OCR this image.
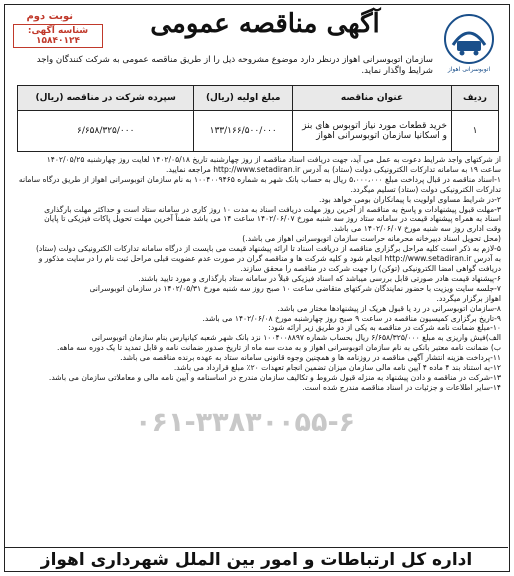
نوبت دوم
شناسه آگهی: ۱۵۸۴۰۱۲۴
آگهی مناقصه عمومی
اتوبوسرانی اهواز
سازمان اتوبوسرانی اهواز درنظر دارد موضوع مشروحه ذیل را از طریق مناقصه عمومی به شرکت کنندگان واجد شرایط واگذار نماید.
ردیف	عنوان مناقصه	مبلغ اولیه (ریال)	سپرده شرکت در مناقصه (ریال)
۱	خرید قطعات مورد نیاز اتوبوس های بنز و اسکانیا سازمان اتوبوسرانی اهواز	۱۳۳/۱۶۶/۵۰۰/۰۰۰	۶/۶۵۸/۳۲۵/۰۰۰

از شرکتهای واجد شرایط دعوت به عمل می آید، جهت دریافت اسناد مناقصه از روز چهارشنبه تاریخ ۱۴۰۲/۰۵/۱۸ لغایت روز چهارشنبه ۱۴۰۲/۰۵/۲۵

ساعت ۱۹ به سامانه تدارکات الکترونیکی دولت (ستاد) به آدرس http://www.setadiran.ir مراجعه نمایید.

۱-اسناد مناقصه در قبال پرداخت مبلغ ۵،۰۰۰،۰۰۰ ریال به حساب بانک شهر به شماره ۱۰۰۴۰۰۹۴۶۵ به نام سازمان اتوبوسرانی اهواز از طریق درگاه سامانه

تدارکات الکترونیکی دولت (ستاد) تسلیم میگردد.

۲-در شرایط مساوی اولویت با پیمانکاران بومی خواهد بود.

۳-مهلت قبول پیشنهادات و پاسخ به مناقصه از آخرین روز مهلت دریافت اسناد به مدت ۱۰ روز کاری در سامانه ستاد است و حداکثر مهلت بارگذاری

اسناد به همراه پیشنهاد قیمت در سامانه ستاد روز سه شنبه مورخ ۱۴۰۲/۰۶/۰۷ ساعت ۱۴ می باشد ضمناً آخرین مهلت تحویل پاکات فیزیکی تا پایان

وقت اداری روز سه شنبه مورخ ۱۴۰۲/۰۶/۰۷ می باشد.

(محل تحویل اسناد دبیرخانه محرمانه حراست سازمان اتوبوسرانی اهواز می باشد.)

۵-لازم به ذکر است کلیه مراحل برگزاری مناقصه از دریافت اسناد تا ارائه پیشنهاد قیمت می بایست از درگاه سامانه تدارکات الکترونیکی دولت (ستاد)

به آدرس http://www.setadiran.ir انجام شود و کلیه شرکت ها و مناقصه گران در صورت عدم عضویت قبلی مراحل ثبت نام را در سایت مذکور و

دریافت گواهی امضا الکترونیکی (توکن) را جهت شرکت در مناقصه را محقق سازند.

۶-پیشنهاد قیمت هادر صورتی قابل بررسی میباشد که اسناد فیزیکی قبلاً در سامانه ستاد بارگذاری و مورد تایید باشند.

۷-جلسه سایت ویزیت با حضور نمایندگان شرکتهای متقاضی ساعت ۱۰ صبح روز سه شنبه مورخ ۱۴۰۲/۰۵/۳۱ در سازمان اتوبوسرانی

اهواز برگزار میگردد.

۸-سازمان اتوبوسرانی در رد یا قبول هریک از پیشنهادها مختار می باشد.

۹-تاریخ برگزاری کمیسیون مناقصه در ساعت ۹ صبح روز چهارشنبه مورخ ۱۴۰۲/۰۶/۰۸ می باشد.

۱۰-مبلغ ضمانت نامه شرکت در مناقصه به یکی از دو طریق زیر ارائه شود:

الف)فیش واریزی به مبلغ ۶/۶۵۸/۳۲۵/۰۰۰ ریال بحساب شماره ۱۰۰۴۰۰۸۸۹۷ نزد بانک شهر شعبه کیانپارس بنام سازمان اتوبوسرانی

ب) ضمانت نامه معتبر بانکی به نام سازمان اتوبوسرانی اهواز و به مدت سه ماه از تاریخ صدور ضمانت نامه و قابل تمدید تا یک دوره سه ماهه.

۱۱-پرداخت هزینه انتشار آگهی مناقصه در روزنامه ها و همچنین وجوه قانونی سامانه ستاد به عهده برنده مناقصه می باشد.

۱۲-به استناد بند ۴ ماده ۴ آیین نامه مالی سازمان میزان تضمین انجام تعهدات ۲۰٪ مبلغ قرارداد می باشد.

۱۳-شرکت در مناقصه و دادن پیشنهاد به منزله قبول شروط و تکالیف سازمان مندرج در اساسنامه و آیین نامه مالی و معاملاتی سازمان می باشد.

۱۴-سایر اطلاعات و جزئیات در اسناد مناقصه مندرج شده است.

۰۶۱-۳۳۸۳۰۰۵۵-۶
اداره کل ارتباطات و امور بین الملل شهرداری اهواز
